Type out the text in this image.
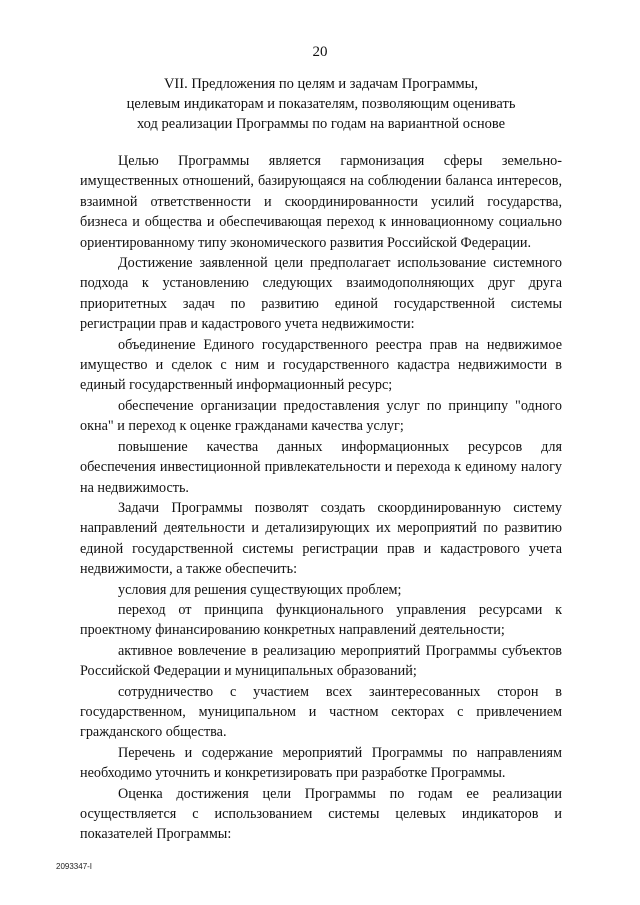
20
VII. Предложения по целям и задачам Программы,
целевым индикаторам и показателям, позволяющим оценивать
ход реализации Программы по годам на вариантной основе

Целью Программы является гармонизация сферы земельно-имущественных отношений, базирующаяся на соблюдении баланса интересов, взаимной ответственности и скоординированности усилий государства, бизнеса и общества и обеспечивающая переход к инновационному социально ориентированному типу экономического развития Российской Федерации.

Достижение заявленной цели предполагает использование системного подхода к установлению следующих взаимодополняющих друг друга приоритетных задач по развитию единой государственной системы регистрации прав и кадастрового учета недвижимости:

объединение Единого государственного реестра прав на недвижимое имущество и сделок с ним и государственного кадастра недвижимости в единый государственный информационный ресурс;

обеспечение организации предоставления услуг по принципу "одного окна" и переход к оценке гражданами качества услуг;

повышение качества данных информационных ресурсов для обеспечения инвестиционной привлекательности и перехода к единому налогу на недвижимость.

Задачи Программы позволят создать скоординированную систему направлений деятельности и детализирующих их мероприятий по развитию единой государственной системы регистрации прав и кадастрового учета недвижимости, а также обеспечить:

условия для решения существующих проблем;

переход от принципа функционального управления ресурсами к проектному финансированию конкретных направлений деятельности;

активное вовлечение в реализацию мероприятий Программы субъектов Российской Федерации и муниципальных образований;

сотрудничество с участием всех заинтересованных сторон в государственном, муниципальном и частном секторах с привлечением гражданского общества.

Перечень и содержание мероприятий Программы по направлениям необходимо уточнить и конкретизировать при разработке Программы.

Оценка достижения цели Программы по годам ее реализации осуществляется с использованием системы целевых индикаторов и показателей Программы:

2093347-I
